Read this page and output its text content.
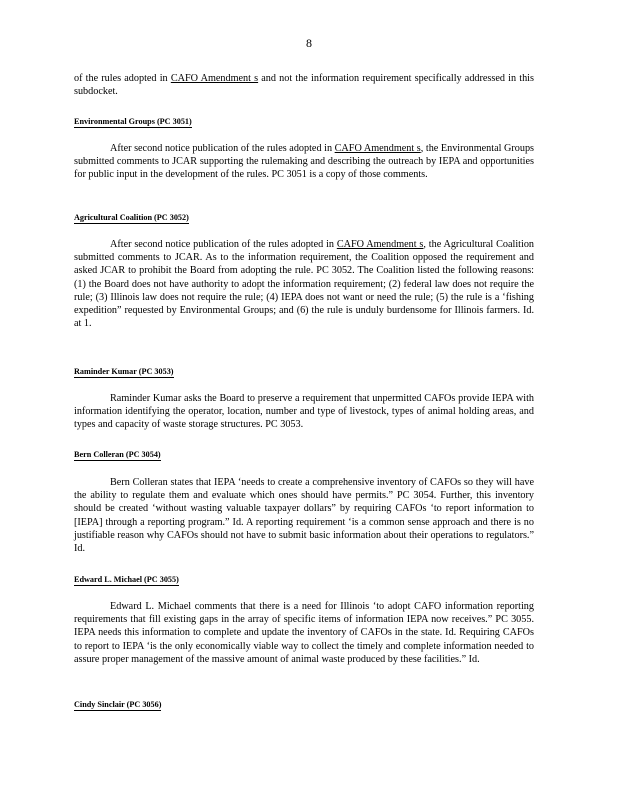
8

of the rules adopted in CAFO Amendment s and not the information requirement specifically addressed in this subdocket.

Environmental Groups (PC 3051)

After second notice publication of the rules adopted in CAFO Amendment s, the Environmental Groups submitted comments to JCAR supporting the rulemaking and describing the outreach by IEPA and opportunities for public input in the development of the rules. PC 3051 is a copy of those comments.

Agricultural Coalition (PC 3052)

After second notice publication of the rules adopted in CAFO Amendment s, the Agricultural Coalition submitted comments to JCAR. As to the information requirement, the Coalition opposed the requirement and asked JCAR to prohibit the Board from adopting the rule. PC 3052. The Coalition listed the following reasons: (1) the Board does not have authority to adopt the information requirement; (2) federal law does not require the rule; (3) Illinois law does not require the rule; (4) IEPA does not want or need the rule; (5) the rule is a ‘fishing expedition” requested by Environmental Groups; and (6) the rule is unduly burdensome for Illinois farmers. Id. at 1.

Raminder Kumar (PC 3053)

Raminder Kumar asks the Board to preserve a requirement that unpermitted CAFOs provide IEPA with information identifying the operator, location, number and type of livestock, types of animal holding areas, and types and capacity of waste storage structures. PC 3053.

Bern Colleran (PC 3054)

Bern Colleran states that IEPA ‘needs to create a comprehensive inventory of CAFOs so they will have the ability to regulate them and evaluate which ones should have permits.” PC 3054. Further, this inventory should be created ‘without wasting valuable taxpayer dollars” by requiring CAFOs ‘to report information to [IEPA] through a reporting program.” Id. A reporting requirement ‘is a common sense approach and there is no justifiable reason why CAFOs should not have to submit basic information about their operations to regulators.” Id.

Edward L. Michael (PC 3055)

Edward L. Michael comments that there is a need for Illinois ‘to adopt CAFO information reporting requirements that fill existing gaps in the array of specific items of information IEPA now receives.” PC 3055. IEPA needs this information to complete and update the inventory of CAFOs in the state. Id. Requiring CAFOs to report to IEPA ‘is the only economically viable way to collect the timely and complete information needed to assure proper management of the massive amount of animal waste produced by these facilities.” Id.

Cindy Sinclair (PC 3056)
